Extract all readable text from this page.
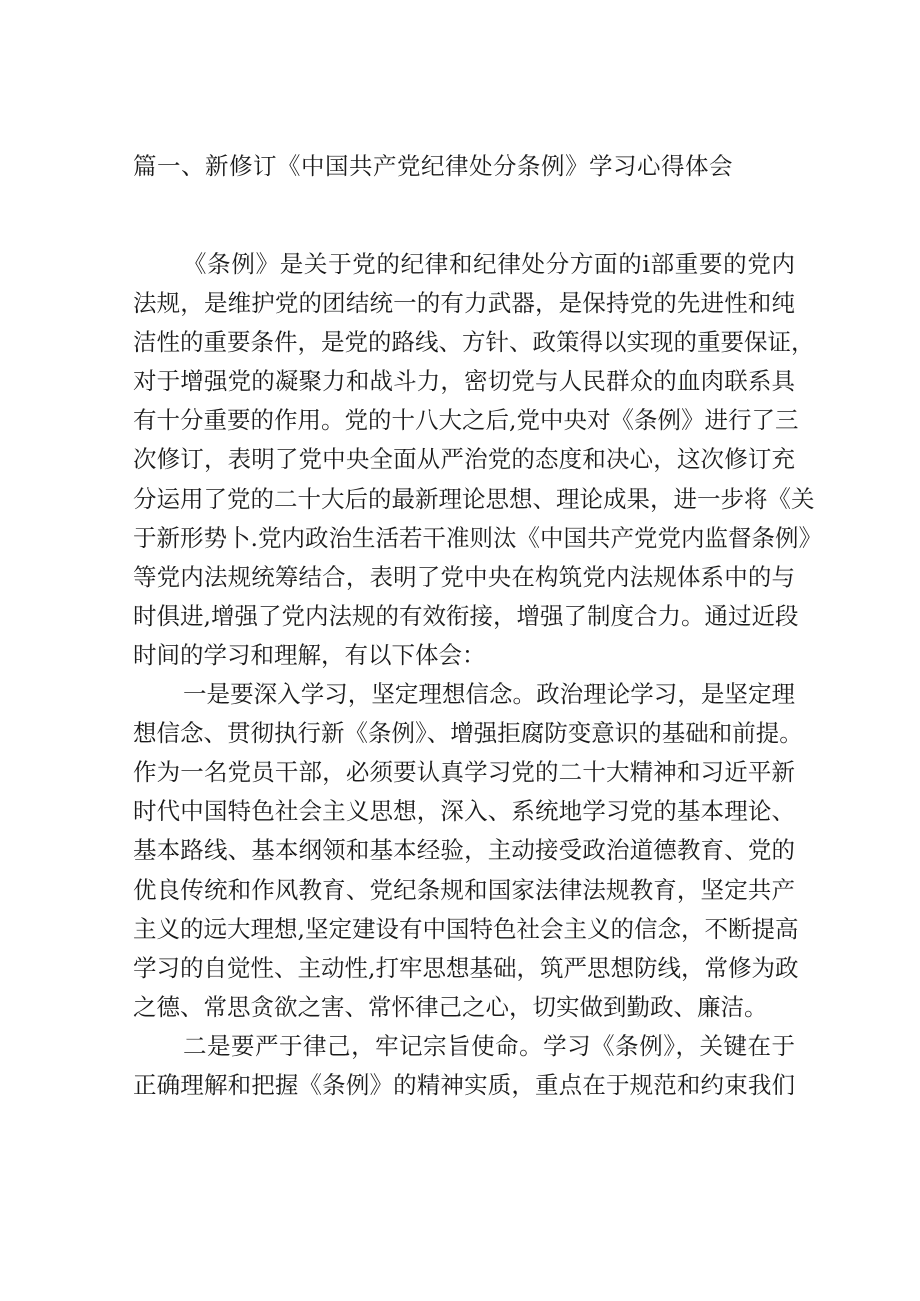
篇一、新修订《中国共产党纪律处分条例》学习心得体会

《条例》是关于党的纪律和纪律处分方面的i部重要的党内
法规，是维护党的团结统一的有力武器，是保持党的先进性和纯
洁性的重要条件，是党的路线、方针、政策得以实现的重要保证，
对于增强党的凝聚力和战斗力，密切党与人民群众的血肉联系具
有十分重要的作用。党的十八大之后,党中央对《条例》进行了三
次修订，表明了党中央全面从严治党的态度和决心，这次修订充
分运用了党的二十大后的最新理论思想、理论成果，进一步将《关
于新形势卜.党内政治生活若干准则汰《中国共产党党内监督条例》
等党内法规统筹结合，表明了党中央在构筑党内法规体系中的与
时俱进,增强了党内法规的有效衔接，增强了制度合力。通过近段
时间的学习和理解，有以下体会：

一是要深入学习，坚定理想信念。政治理论学习，是坚定理
想信念、贯彻执行新《条例》、增强拒腐防变意识的基础和前提。
作为一名党员干部，必须要认真学习党的二十大精神和习近平新
时代中国特色社会主义思想，深入、系统地学习党的基本理论、
基本路线、基本纲领和基本经验，主动接受政治道德教育、党的
优良传统和作风教育、党纪条规和国家法律法规教育，坚定共产
主义的远大理想,坚定建设有中国特色社会主义的信念，不断提高
学习的自觉性、主动性,打牢思想基础，筑严思想防线，常修为政
之德、常思贪欲之害、常怀律己之心，切实做到勤政、廉洁。

二是要严于律己，牢记宗旨使命。学习《条例》，关键在于
正确理解和把握《条例》的精神实质，重点在于规范和约束我们
